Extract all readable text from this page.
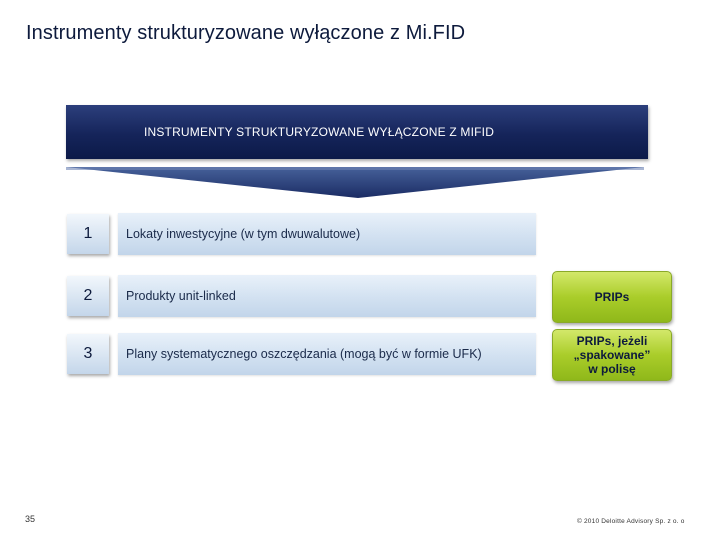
Instrumenty strukturyzowane wyłączone z Mi.FID
INSTRUMENTY STRUKTURYZOWANE WYŁĄCZONE Z MIFID
1	Lokaty inwestycyjne (w tym dwuwalutowe)
2	Produkty unit-linked
3	Plany systematycznego oszczędzania (mogą być w formie UFK)
PRIPs
PRIPs, jeżeli
„spakowane”
w polisę
35	© 2010 Deloitte Advisory Sp. z o. o
